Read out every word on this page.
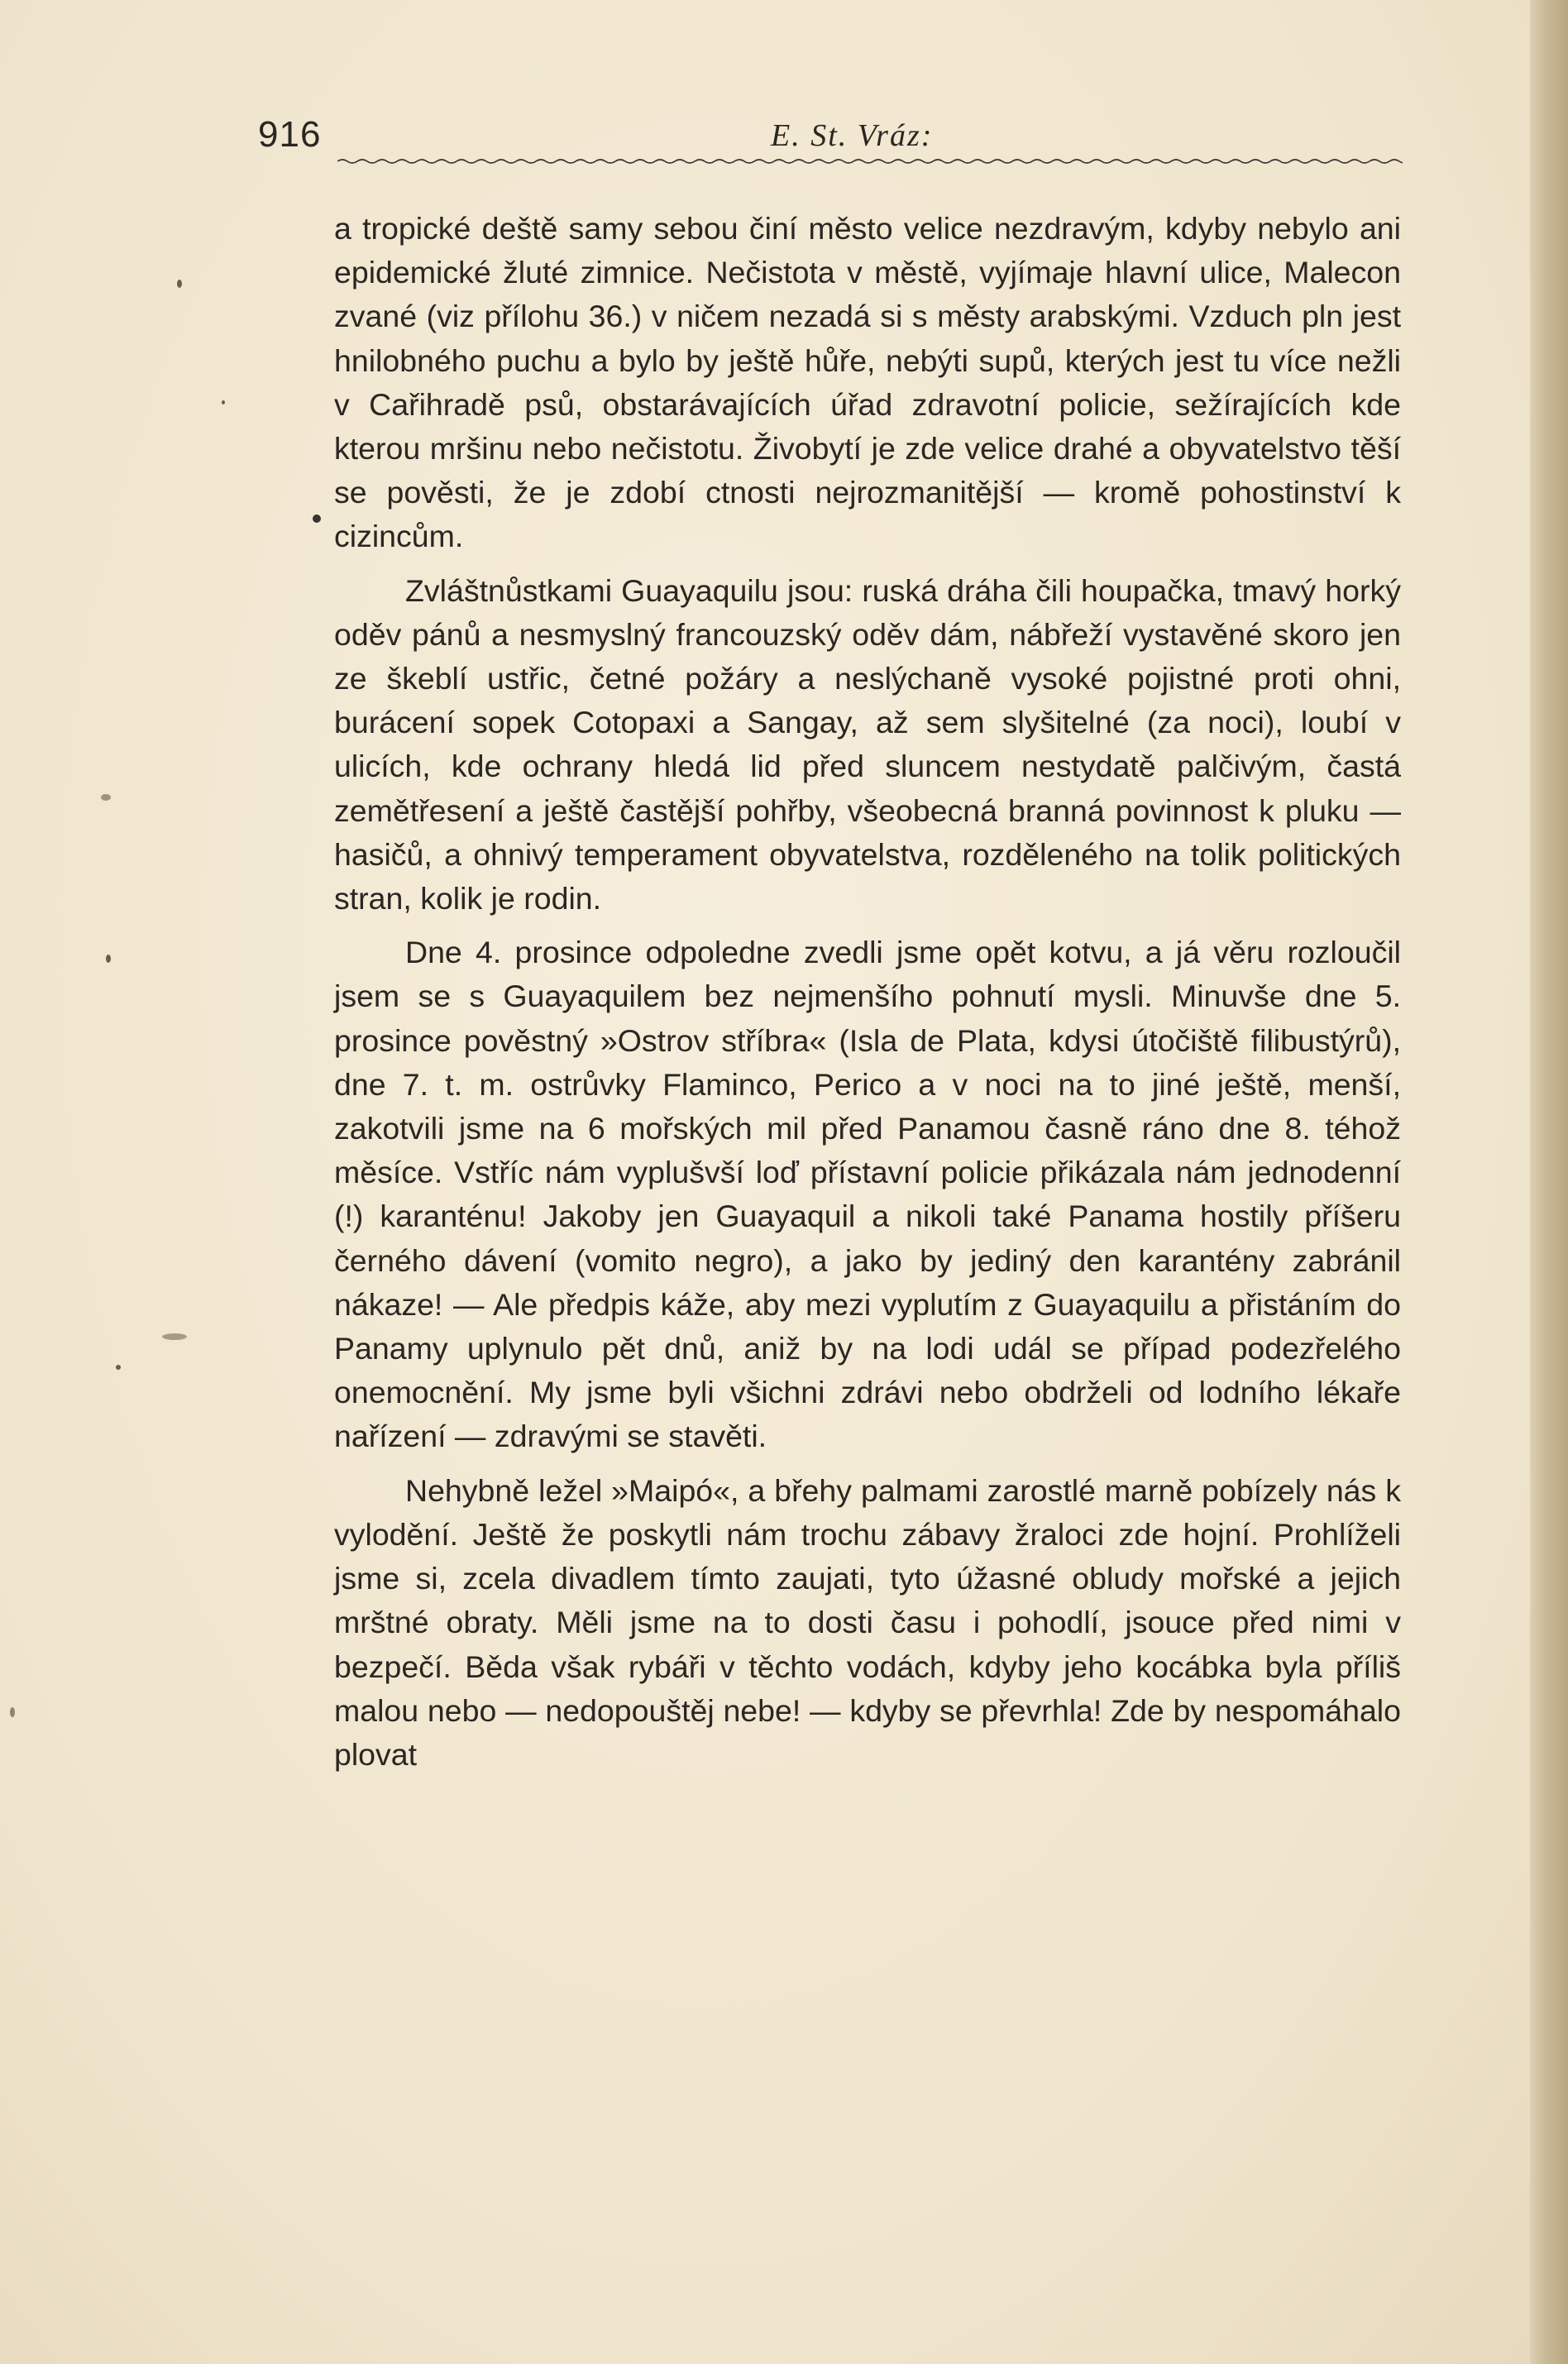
916	E. St. Vráz:

a tropické deště samy sebou činí město velice nezdravým, kdyby nebylo ani epidemické žluté zimnice. Nečistota v městě, vyjímaje hlavní ulice, Malecon zvané (viz přílohu 36.) v ničem nezadá si s městy arabskými. Vzduch pln jest hnilobného puchu a bylo by ještě hůře, nebýti supů, kterých jest tu více nežli v Cařihradě psů, obstarávajících úřad zdravotní policie, sežírajících kde kterou mršinu nebo nečistotu. Živobytí je zde velice drahé a obyvatelstvo těší se pověsti, že je zdobí ctnosti nejrozmanitější — kromě pohostinství k cizincům.

Zvláštnůstkami Guayaquilu jsou: ruská dráha čili houpačka, tmavý horký oděv pánů a nesmyslný francouzský oděv dám, nábřeží vystavěné skoro jen ze škeblí ustřic, četné požáry a neslýchaně vysoké pojistné proti ohni, burácení sopek Cotopaxi a Sangay, až sem slyšitelné (za noci), loubí v ulicích, kde ochrany hledá lid před sluncem nestydatě palčivým, častá zemětřesení a ještě častější pohřby, všeobecná branná povinnost k pluku — hasičů, a ohnivý temperament obyvatelstva, rozděleného na tolik politických stran, kolik je rodin.

Dne 4. prosince odpoledne zvedli jsme opět kotvu, a já věru rozloučil jsem se s Guayaquilem bez nejmenšího pohnutí mysli. Minuvše dne 5. prosince pověstný »Ostrov stříbra« (Isla de Plata, kdysi útočiště filibustýrů), dne 7. t. m. ostrůvky Flaminco, Perico a v noci na to jiné ještě, menší, zakotvili jsme na 6 mořských mil před Panamou časně ráno dne 8. téhož měsíce. Vstříc nám vyplušvší loď přístavní policie přikázala nám jednodenní (!) karanténu! Jakoby jen Guayaquil a nikoli také Panama hostily příšeru černého dávení (vomito negro), a jako by jediný den karantény zabránil nákaze! — Ale předpis káže, aby mezi vyplutím z Guayaquilu a přistáním do Panamy uplynulo pět dnů, aniž by na lodi udál se případ podezřelého onemocnění. My jsme byli všichni zdrávi nebo obdrželi od lodního lékaře nařízení — zdravými se stavěti.

Nehybně ležel »Maipó«, a břehy palmami zarostlé marně pobízely nás k vylodění. Ještě že poskytli nám trochu zábavy žraloci zde hojní. Prohlíželi jsme si, zcela divadlem tímto zaujati, tyto úžasné obludy mořské a jejich mrštné obraty. Měli jsme na to dosti času i pohodlí, jsouce před nimi v bezpečí. Běda však rybáři v těchto vodách, kdyby jeho kocábka byla příliš malou nebo — nedopouštěj nebe! — kdyby se převrhla! Zde by nespomáhalo plovat
